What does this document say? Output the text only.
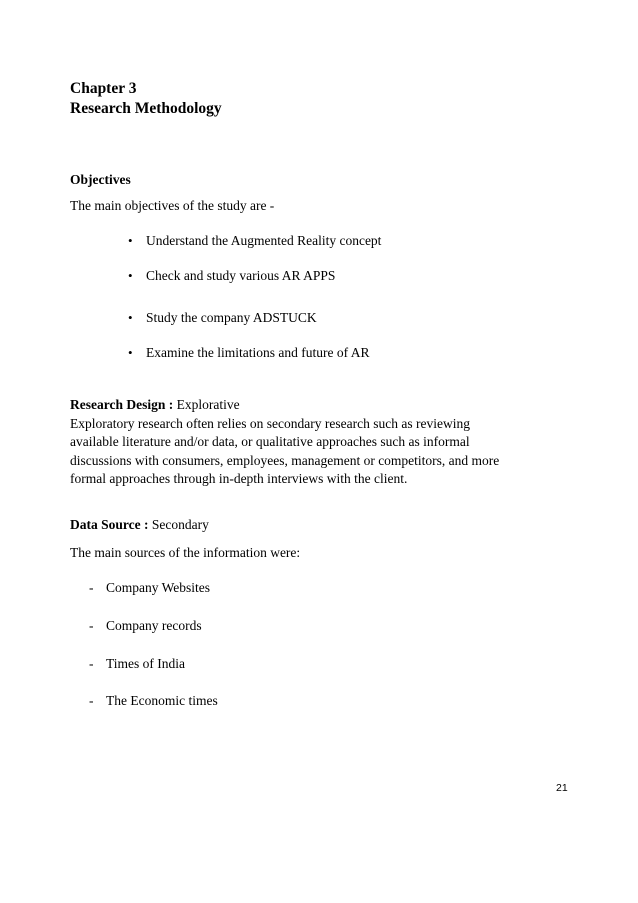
Chapter 3
Research Methodology
Objectives
The main objectives of the study are -
• Understand the Augmented Reality concept
• Check and study various AR APPS
• Study the company ADSTUCK
• Examine the limitations and future of AR
Research Design : Explorative
Exploratory research often relies on secondary research such as reviewing
available literature and/or data, or qualitative approaches such as informal
discussions with consumers, employees, management or competitors, and more
formal approaches through in-depth interviews with the client.
Data Source : Secondary
The main sources of the information were:
- Company Websites
- Company records
- Times of India
- The Economic times
21
